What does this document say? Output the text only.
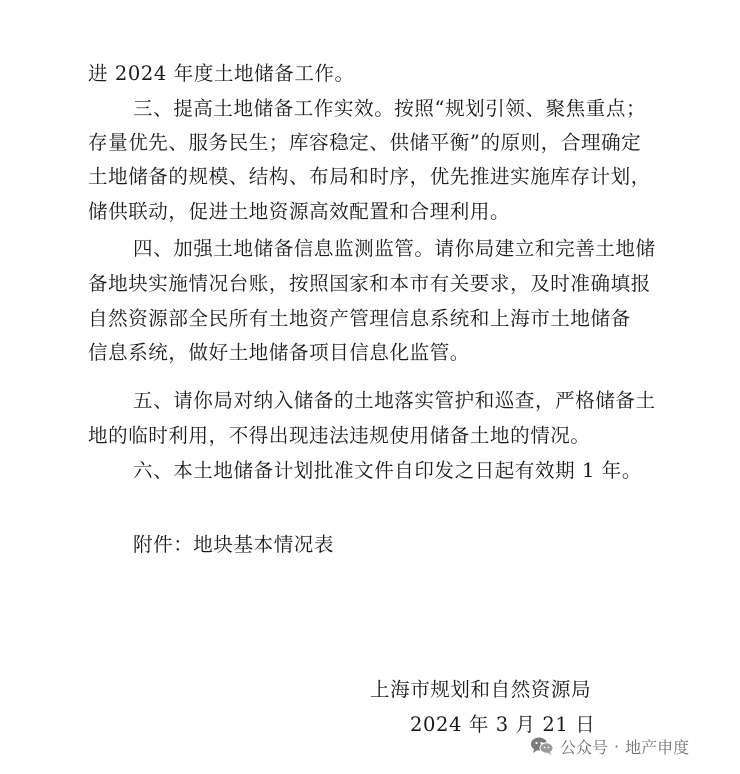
进 2024 年度土地储备工作。
三、提高土地储备工作实效。按照“规划引领、聚焦重点；
存量优先、服务民生；库容稳定、供储平衡”的原则，合理确定
土地储备的规模、结构、布局和时序，优先推进实施库存计划，
储供联动，促进土地资源高效配置和合理利用。
四、加强土地储备信息监测监管。请你局建立和完善土地储
备地块实施情况台账，按照国家和本市有关要求，及时准确填报
自然资源部全民所有土地资产管理信息系统和上海市土地储备
信息系统，做好土地储备项目信息化监管。
五、请你局对纳入储备的土地落实管护和巡查，严格储备土
地的临时利用，不得出现违法违规使用储备土地的情况。
六、本土地储备计划批准文件自印发之日起有效期 1 年。
附件：地块基本情况表
上海市规划和自然资源局
2024 年 3 月 21 日
公众号 · 地产申度
